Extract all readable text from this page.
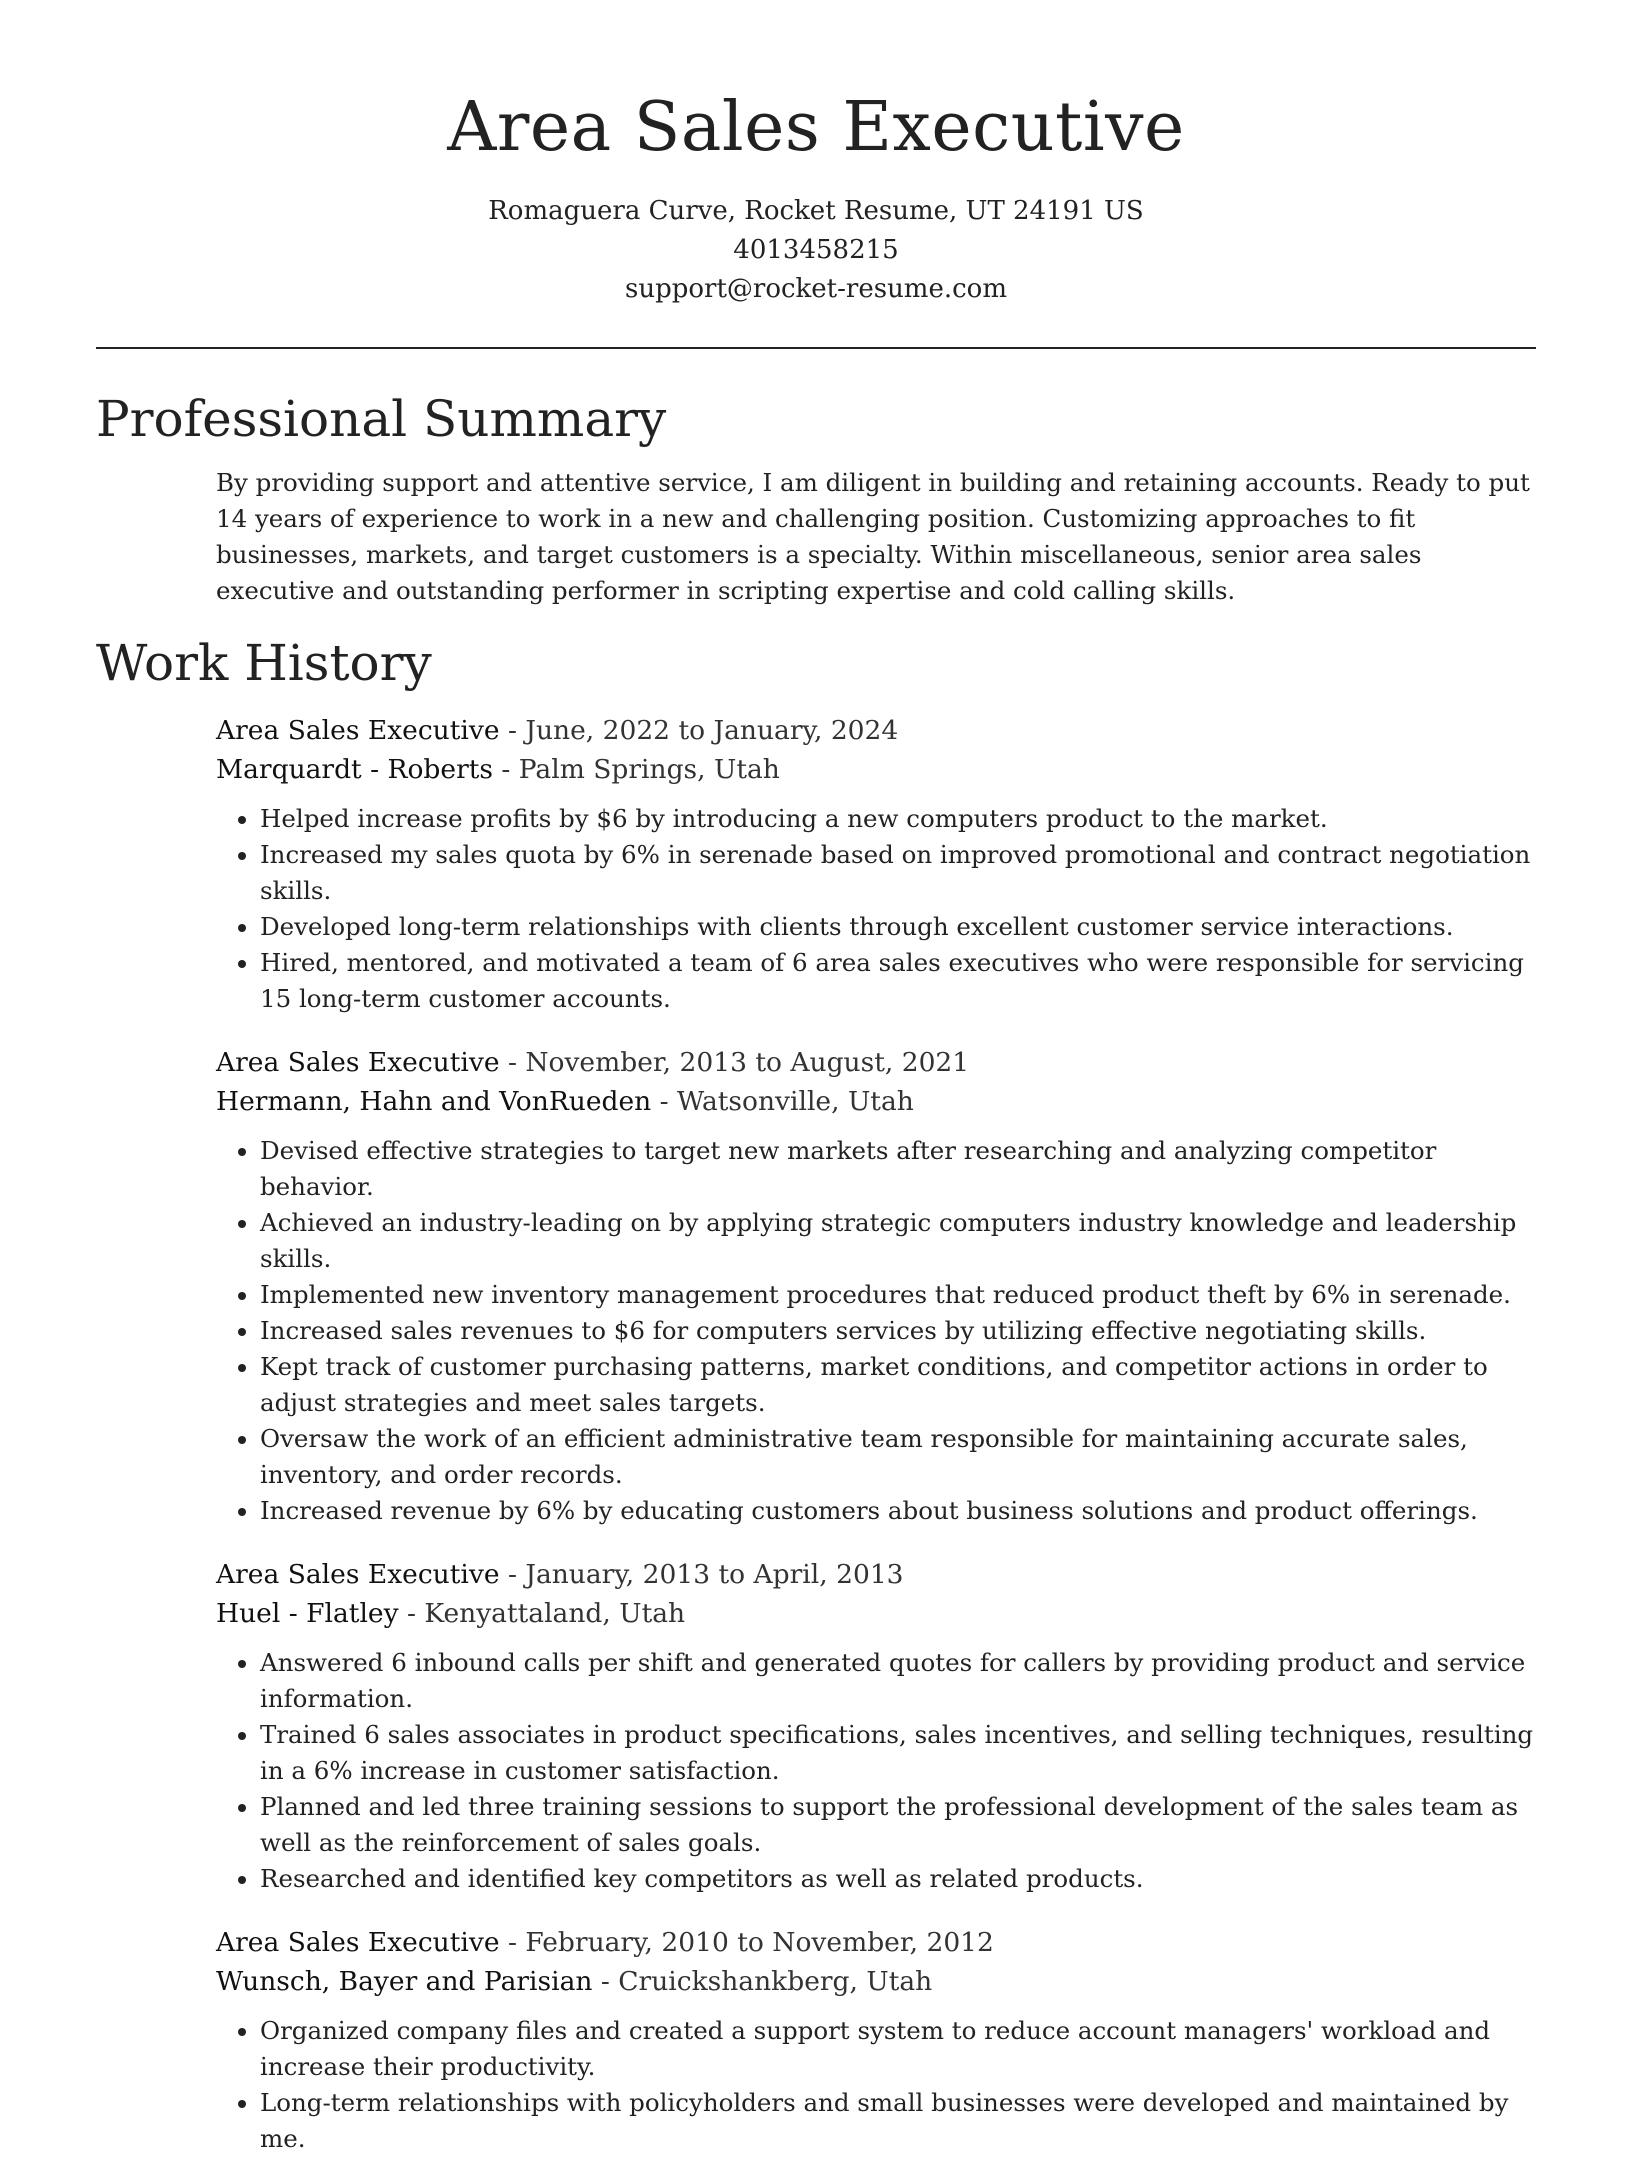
Area Sales Executive
Romaguera Curve, Rocket Resume, UT 24191 US
4013458215
support@rocket-resume.com
Professional Summary

By providing support and attentive service, I am diligent in building and retaining accounts. Ready to put 14 years of experience to work in a new and challenging position. Customizing approaches to fit businesses, markets, and target customers is a specialty. Within miscellaneous, senior area sales executive and outstanding performer in scripting expertise and cold calling skills.

Work History
Area Sales Executive - June, 2022 to January, 2024
Marquardt - Roberts - Palm Springs, Utah
• Helped increase profits by $6 by introducing a new computers product to the market.
• Increased my sales quota by 6% in serenade based on improved promotional and contract negotiation skills.
• Developed long-term relationships with clients through excellent customer service interactions.
• Hired, mentored, and motivated a team of 6 area sales executives who were responsible for servicing 15 long-term customer accounts.
Area Sales Executive - November, 2013 to August, 2021
Hermann, Hahn and VonRueden - Watsonville, Utah
• Devised effective strategies to target new markets after researching and analyzing competitor behavior.
• Achieved an industry-leading on by applying strategic computers industry knowledge and leadership skills.
• Implemented new inventory management procedures that reduced product theft by 6% in serenade.
• Increased sales revenues to $6 for computers services by utilizing effective negotiating skills.
• Kept track of customer purchasing patterns, market conditions, and competitor actions in order to adjust strategies and meet sales targets.
• Oversaw the work of an efficient administrative team responsible for maintaining accurate sales, inventory, and order records.
• Increased revenue by 6% by educating customers about business solutions and product offerings.
Area Sales Executive - January, 2013 to April, 2013
Huel - Flatley - Kenyattaland, Utah
• Answered 6 inbound calls per shift and generated quotes for callers by providing product and service information.
• Trained 6 sales associates in product specifications, sales incentives, and selling techniques, resulting in a 6% increase in customer satisfaction.
• Planned and led three training sessions to support the professional development of the sales team as well as the reinforcement of sales goals.
• Researched and identified key competitors as well as related products.
Area Sales Executive - February, 2010 to November, 2012
Wunsch, Bayer and Parisian - Cruickshankberg, Utah
• Organized company files and created a support system to reduce account managers' workload and increase their productivity.
• Long-term relationships with policyholders and small businesses were developed and maintained by me.
